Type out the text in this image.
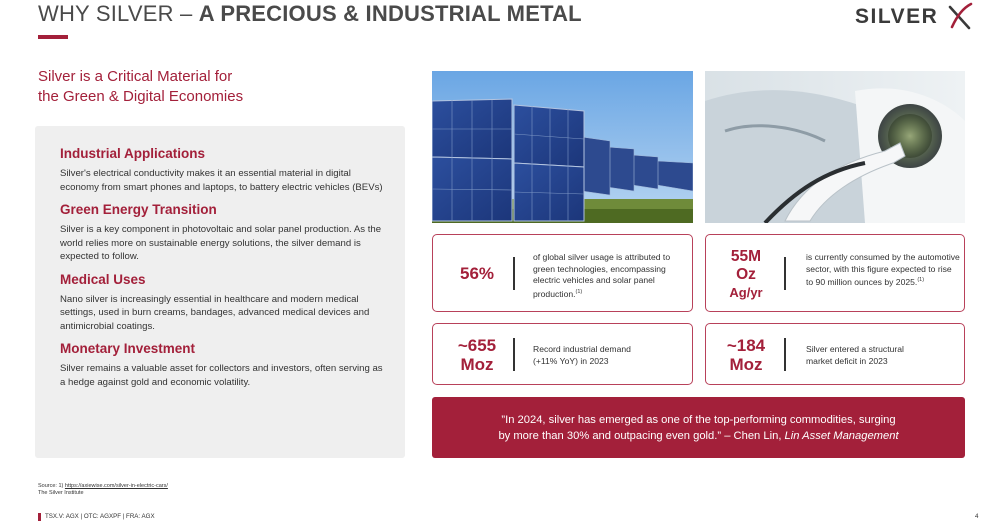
WHY SILVER – A PRECIOUS & INDUSTRIAL METAL	SILVER
Silver is a Critical Material for
the Green & Digital Economies
Industrial Applications
Silver's electrical conductivity makes it an essential material in digital economy from smart phones and laptops, to battery electric vehicles (BEVs)
Green Energy Transition
Silver is a key component in photovoltaic and solar panel production. As the world relies more on sustainable energy solutions, the silver demand is expected to follow.
Medical Uses
Nano silver is increasingly essential in healthcare and modern medical settings, used in burn creams, bandages, advanced medical devices and antimicrobial coatings.
Monetary Investment
Silver remains a valuable asset for collectors and investors, often serving as a hedge against gold and economic volatility.
56%
of global silver usage is attributed to green technologies, encompassing electric vehicles and solar panel production.$^{(1)}$
55M
Oz
Ag/yr
is currently consumed by the automotive sector, with this figure expected to rise to 90 million ounces by 2025.$^{(1)}$
~655
Moz
Record industrial demand
(+11% YoY) in 2023
~184
Moz
Silver entered a structural
market deficit in 2023
”In 2024, silver has emerged as one of the top-performing commodities, surging
by more than 30% and outpacing even gold.” – Chen Lin, Lin Asset Management
Source: 1) https://axiewise.com/silver-in-electric-cars/
The Silver Institute
TSX.V: AGX | OTC: AGXPF | FRA: AGX	4
